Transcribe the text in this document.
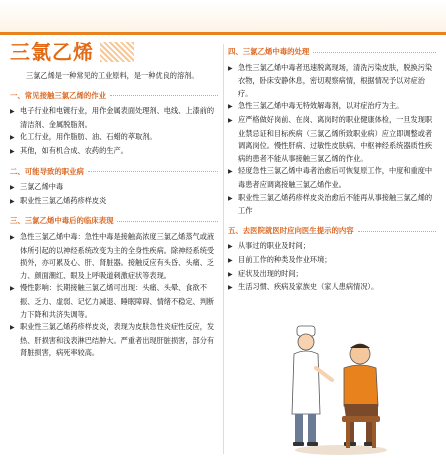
三氯乙烯

三氯乙烯是一种常见的工业原料，是一种优良的溶剂。

一、常见接触三氯乙烯的作业

▶ 电子行业和电镀行业，用作金属表面处理剂、电线、上漆前的清洁剂、金属脱脂剂。

▶ 化工行业，用作脂肪、油、石蜡的萃取剂。

▶ 其他，如有机合成、农药的生产。

二、可能导致的职业病

▶ 三氯乙烯中毒

▶ 职业性三氯乙烯药疹样皮炎

三、三氯乙烯中毒后的临床表现

▶ 急性三氯乙烯中毒：急性中毒是接触高浓度三氯乙烯蒸气或液体所引起的以神经系统改变为主的全身性疾病。除神经系统受损外，亦可累及心、肝、肾脏器。接触反应有头昏、头痛、乏力、颜面潮红、眼及上呼吸道刺激症状等表现。

▶ 慢性影响：长期接触三氯乙烯可出现：头痛、头晕、食欲不振、乏力、虚弱、记忆力减退、睡眠障碍、情绪不稳定、判断力下降和共济失调等。

▶ 职业性三氯乙烯药疹样皮炎，表现为皮肤急性炎症性反应，发热、肝损害和浅表淋巴结肿大。严重者出现肝脏损害，部分有肾脏损害，病死率较高。

四、三氯乙烯中毒的处理

▶ 急性三氯乙烯中毒者迅速脱离现场，清洗污染皮肤，脱换污染衣物，卧床安静休息，密切观察病情，根据情况予以对症治疗。

▶ 急性三氯乙烯中毒无特效解毒剂，以对症治疗为主。

▶ 应严格做好岗前、在岗、离岗时的职业健康体检，一旦发现职业禁忌证和目标疾病（三氯乙烯所致职业病）应立即调整或者调离岗位。慢性肝病、过敏性皮肤病、中枢神经系统器质性疾病的患者不能从事接触三氯乙烯的作业。

▶ 轻度急性三氯乙烯中毒者治愈后可恢复原工作，中度和重度中毒患者应调离接触三氯乙烯作业。

▶ 职业性三氯乙烯药疹样皮炎治愈后不能再从事接触三氯乙烯的工作

五、去医院就医时应向医生提示的内容

▶ 从事过的职业及时间；

▶ 目前工作的种类及作业环境；

▶ 症状及出现的时间；

▶ 生活习惯、疾病及家族史（家人患病情况）。
